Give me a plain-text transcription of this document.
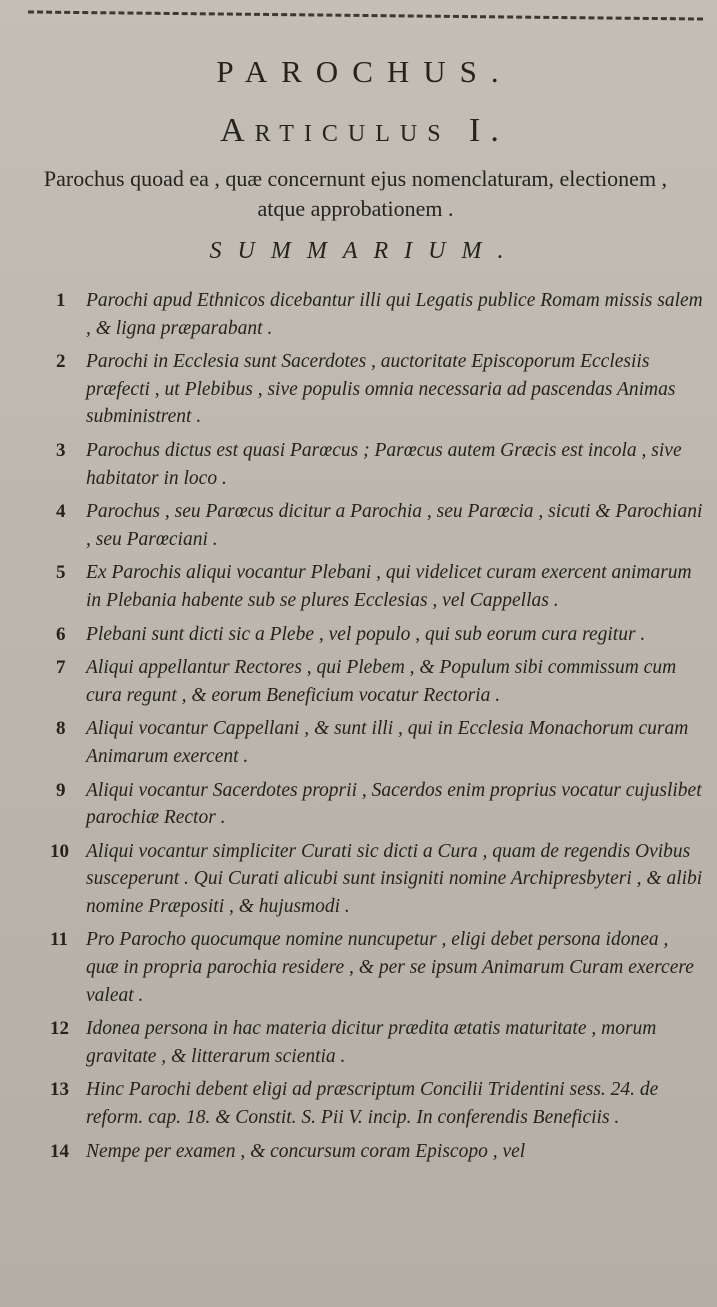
PAROCHUS.
Articulus I.

Parochus quoad ea , quæ concernunt ejus nomenclaturam, electionem , atque approbationem .

SUMMARIUM.
1 Parochi apud Ethnicos dicebantur illi qui Legatis publice Romam missis salem , & ligna præparabant .
2 Parochi in Ecclesia sunt Sacerdotes , auctoritate Episcoporum Ecclesiis præfecti , ut Plebibus , sive populis omnia necessaria ad pascendas Animas subministrent .
3 Parochus dictus est quasi Parœcus ; Parœcus autem Græcis est incola , sive habitator in loco .
4 Parochus , seu Parœcus dicitur a Parochia , seu Parœcia , sicuti & Parochiani , seu Parœciani .
5 Ex Parochis aliqui vocantur Plebani , qui videlicet curam exercent animarum in Plebania habente sub se plures Ecclesias , vel Cappellas .
6 Plebani sunt dicti sic a Plebe , vel populo , qui sub eorum cura regitur .
7 Aliqui appellantur Rectores , qui Plebem , & Populum sibi commissum cum cura regunt , & eorum Beneficium vocatur Rectoria .
8 Aliqui vocantur Cappellani , & sunt illi , qui in Ecclesia Monachorum curam Animarum exercent .
9 Aliqui vocantur Sacerdotes proprii , Sacerdos enim proprius vocatur cujuslibet parochiæ Rector .
10 Aliqui vocantur simpliciter Curati sic dicti a Cura , quam de regendis Ovibus susceperunt . Qui Curati alicubi sunt insigniti nomine Archipresbyteri , & alibi nomine Præpositi , & hujusmodi .
11 Pro Parocho quocumque nomine nuncupetur , eligi debet persona idonea , quæ in propria parochia residere , & per se ipsum Animarum Curam exercere valeat .
12 Idonea persona in hac materia dicitur prædita ætatis maturitate , morum gravitate , & litterarum scientia .
13 Hinc Parochi debent eligi ad præscriptum Concilii Tridentini sess. 24. de reform. cap. 18. & Constit. S. Pii V. incip. In conferendis Beneficiis .
14 Nempe per examen , & concursum coram Episcopo , vel
